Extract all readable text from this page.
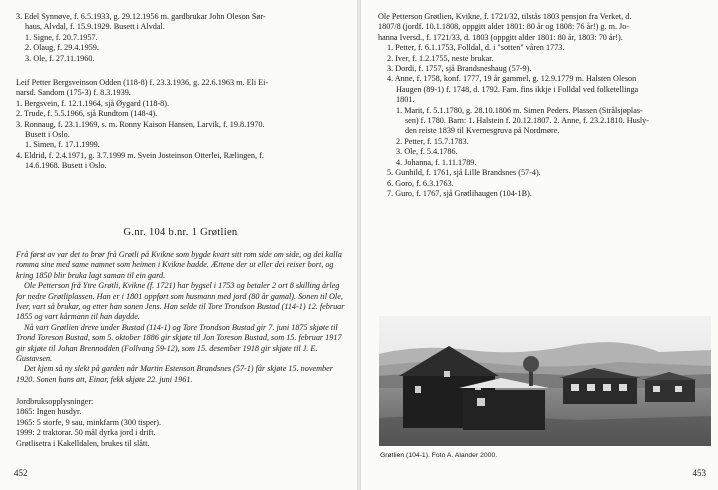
3. Edel Synnøve, f. 6.5.1933, g. 29.12.1956 m. gardbrukar John Oleson Sør-

haus, Alvdal, f. 15.9.1929. Busett i Alvdal.

1. Signe, f. 20.7.1957.

2. Olaug, f. 29.4.1959.

3. Ole, f. 27.11.1960.

Leif Petter Bergsveinson Odden (118-8) f. 23.3.1936, g. 22.6.1963 m. Eli Ei-

narsd. Sandom (175-3) f. 8.3.1939.

1. Bergsvein, f. 12.1.1964, sjå Øygard (118-8).

2. Trude, f. 5.5.1966, sjå Rundtom (148-4).

3. Ronnaug, f. 23.1.1969, s. m. Ronny Kaison Hansen, Larvik, f. 19.8.1970.

Busett i Oslo.

1. Simen, f. 17.1.1999.

4. Eldrid, f. 2.4.1971, g. 3.7.1999 m. Svein Josteinson Otterlei, Rælingen, f.

14.6.1968. Busett i Oslo.

G.nr. 104 b.nr. 1 Grøtlien

Frå først av var det to brør frå Grøtli på Kvikne som bygde kvart sitt rom side om side, og dei kalla romma sine med same namnet som heimen i Kvikne hadde. Ættene der ut eller dei reiser bort, og kring 1850 blir bruka lagt saman til ein gard.

Ole Petterson frå Ytre Grøtli, Kvikne (f. 1721) har bygsel i 1753 og betaler 2 ort 8 skilling årleg for nedre Grøtliplassen. Han er i 1801 oppført som husmann med jord (80 år gamal). Sonen til Ole, Iver, vart så brukar, og etter han sonen Jens. Han selde til Tore Trondson Bustad (114-1) 12. februar 1855 og vart kårmann til han døydde.

Nå vart Grøtlien dreve under Bustad (114-1) og Tore Trondson Bustad gir 7. juni 1875 skjøte til Trond Toreson Bustad, som 5. oktober 1886 gir skjøte til Jon Toreson Bustad, som 15. februar 1917 gir skjøte til Johan Brennodden (Follvang 59-12), som 15. desember 1918 gir skjøte til J. E. Gustavsen.

Det kjem så ny slekt på garden når Martin Estenson Brandsnes (57-1) får skjøte 15. november 1920. Sonen hans att, Einar, fekk skjøte 22. juni 1961.

Jordbruksopplysninger:

1865: Ingen husdyr.

1965: 5 storfe, 9 sau, minkfarm (300 tisper).

1999: 2 traktorar. 50 mål dyrka jord i drift.

Grøtlisetra i Kakelldalen, brukes til slått.

452

Ole Petterson Grøtlien, Kvikne, f. 1721/32, tilstås 1803 pensjon fra Verket, d.

1807/8 (jordf. 10.1.1808, oppgitt alder 1801: 80 år og 1808: 76 år!) g. m. Jo-

hanna Iversd., f. 1721/33, d. 1803 (oppgitt alder 1801: 80 år, 1803: 70 år!).

1. Petter, f. 6.1.1753, Folldal, d. i "sotten" våren 1773.

2. Iver, f. 1.2.1755, neste brukar.

3. Dordi, f. 1757, sjå Brandsneshaug (57-9).

4. Anne, f. 1758, konf. 1777, 19 år gammel, g. 12.9.1779 m. Halsten Oleson

Haugen (89-1) f. 1748, d. 1792. Fam. fins ikkje i Folldal ved folketellinga

1801.

1. Marit, f. 5.1.1780, g. 28.10.1806 m. Simen Peders. Plassen (Strålsjøplas-

sen) f. 1780. Barn: 1. Halstein f. 20.12.1807. 2. Anne, f. 23.2.1810. Husly-

den reiste 1839 til Kvernesgruva på Nordmøre.

2. Petter, f. 15.7.1783.

3. Ole, f. 5.4.1786.

4. Johanna, f. 1.11.1789.

5. Gunhild, f. 1761, sjå Lille Brandsnes (57-4).

6. Goro, f. 6.3.1763.

7. Guro, f. 1767, sjå Grøtlihaugen (104-1B).

Grøtlien (104-1). Foto A. Alander 2000.
453
